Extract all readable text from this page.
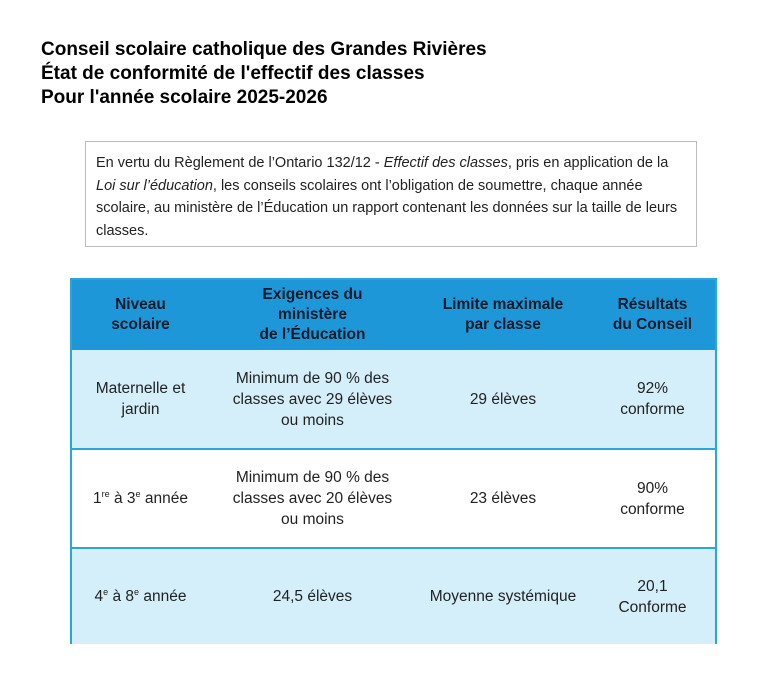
Conseil scolaire catholique des Grandes Rivières
État de conformité de l'effectif des classes
Pour l'année scolaire 2025-2026
En vertu du Règlement de l’Ontario 132/12 - Effectif des classes, pris en application de la Loi sur l’éducation, les conseils scolaires ont l’obligation de soumettre, chaque année scolaire, au ministère de l’Éducation un rapport contenant les données sur la taille de leurs classes.
Niveau
scolaire
Exigences du
ministère
de l’Éducation
Limite maximale
par classe
Résultats
du Conseil
Maternelle et
jardin
Minimum de 90 % des
classes avec 29 élèves
ou moins
29 élèves
92%
conforme
1re à 3e année
Minimum de 90 % des
classes avec 20 élèves
ou moins
23 élèves
90%
conforme
4e à 8e année	24,5 élèves	Moyenne systémique
20,1
Conforme
